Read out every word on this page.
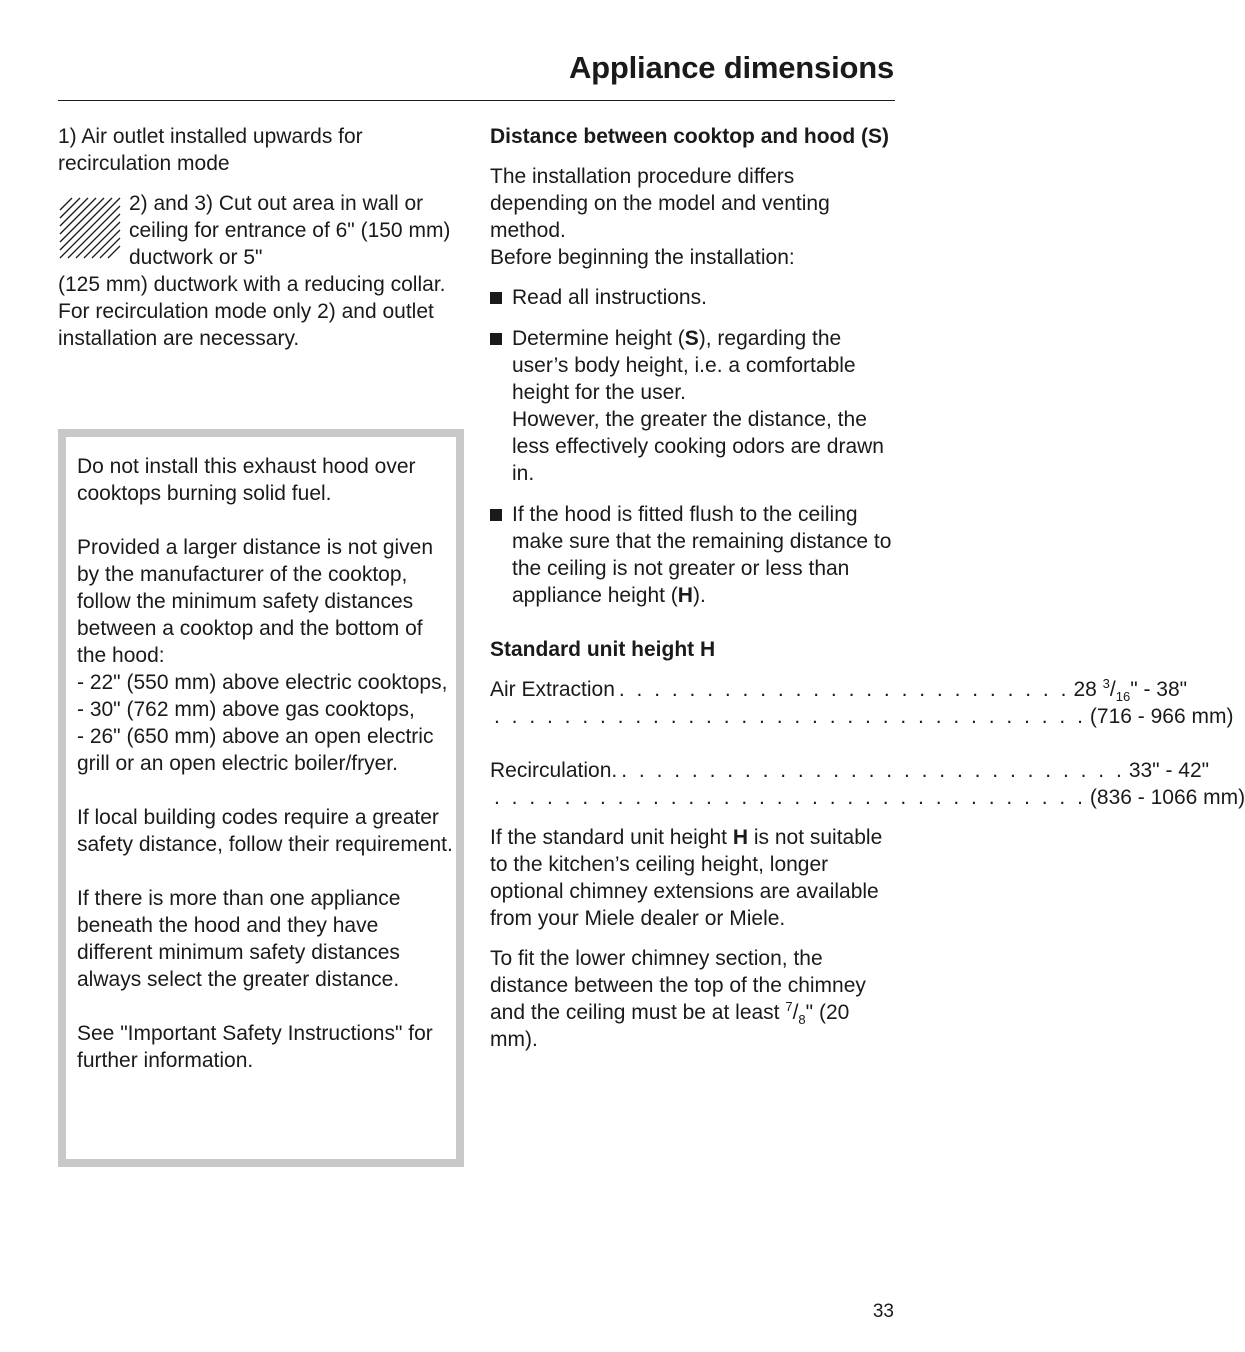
Appliance dimensions

1) Air outlet installed upwards for recirculation mode

2) and 3) Cut out area in wall or ceiling for entrance of 6" (150 mm) ductwork or 5"

(125 mm) ductwork with a reducing collar.

For recirculation mode only 2) and outlet installation are necessary.

Do not install this exhaust hood over cooktops burning solid fuel.

Provided a larger distance is not given by the manufacturer of the cooktop, follow the minimum safety distances between a cooktop and the bottom of the hood:

- 22" (550 mm) above electric cooktops,

- 30" (762 mm) above gas cooktops,

- 26" (650 mm) above an open electric grill or an open electric boiler/fryer.

If local building codes require a greater safety distance, follow their requirement.

If there is more than one appliance beneath the hood and they have different minimum safety distances always select the greater distance.

See "Important Safety Instructions" for further information.

Distance between cooktop and hood (S)

The installation procedure differs depending on the model and venting method.

Before beginning the installation:

Read all instructions.

Determine height (S), regarding the user’s body height, i.e. a comfortable height for the user.

However, the greater the distance, the less effectively cooking odors are drawn in.

If the hood is fitted flush to the ceiling make sure that the remaining distance to the ceiling is not greater or less than appliance height (H).

Standard unit height H

Air Extraction . . . . . . . . . . . . . . . . . . . . . . . . . . 28 $^3/_{16}$" - 38"
. . . . . . . . . . . . . . . . . . . . . . . . . . . . . . . . . . (716 - 966 mm)
Recirculation. . . . . . . . . . . . . . . . . . . . . . . . . . . . . . 33" - 42"
. . . . . . . . . . . . . . . . . . . . . . . . . . . . . . . . . . (836 - 1066 mm)

If the standard unit height H is not suitable to the kitchen’s ceiling height, longer optional chimney extensions are available from your Miele dealer or Miele.

To fit the lower chimney section, the distance between the top of the chimney and the ceiling must be at least $^7/_8$" (20 mm).

33
